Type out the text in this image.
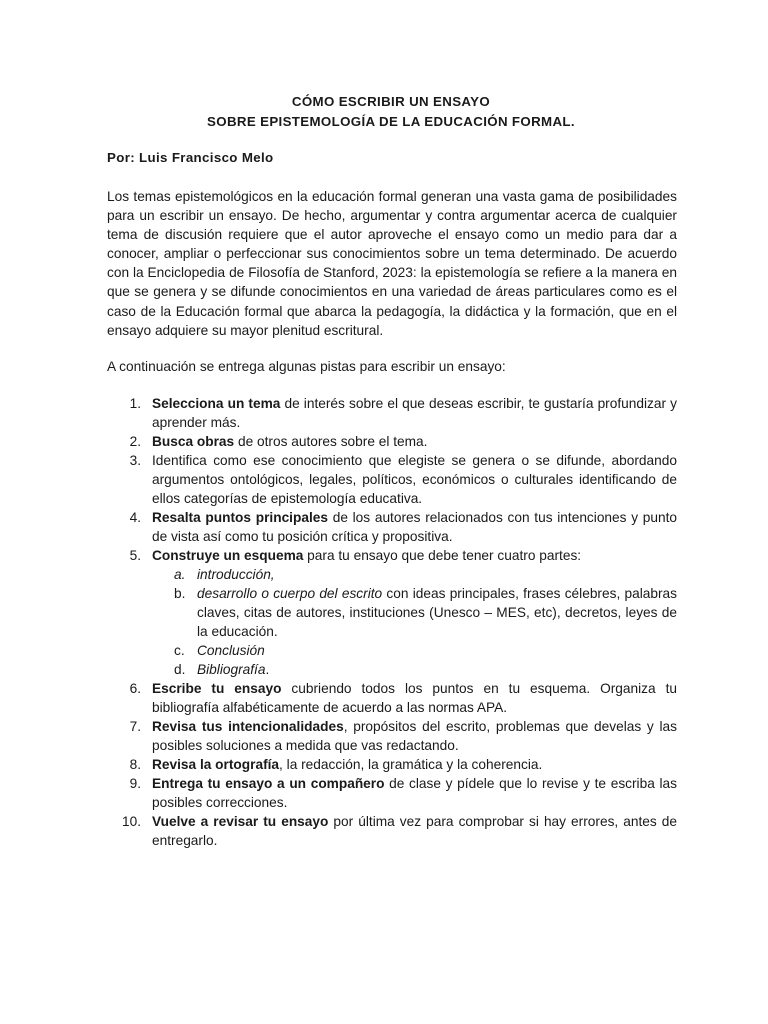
CÓMO ESCRIBIR UN ENSAYO
SOBRE EPISTEMOLOGÍA DE LA EDUCACIÓN FORMAL.
Por: Luis Francisco Melo

Los temas epistemológicos en la educación formal generan una vasta gama de posibilidades para un escribir un ensayo. De hecho, argumentar y contra argumentar acerca de cualquier tema de discusión requiere que el autor aproveche el ensayo como un medio para dar a conocer, ampliar o perfeccionar sus conocimientos sobre un tema determinado. De acuerdo con la Enciclopedia de Filosofía de Stanford, 2023: la epistemología se refiere a la manera en que se genera y se difunde conocimientos en una variedad de áreas particulares como es el caso de la Educación formal que abarca la pedagogía, la didáctica y la formación, que en el ensayo adquiere su mayor plenitud escritural.

A continuación se entrega algunas pistas para escribir un ensayo:

1. Selecciona un tema de interés sobre el que deseas escribir, te gustaría profundizar y aprender más.
2. Busca obras de otros autores sobre el tema.
3. Identifica como ese conocimiento que elegiste se genera o se difunde, abordando argumentos ontológicos, legales, políticos, económicos o culturales identificando de ellos categorías de epistemología educativa.
4. Resalta puntos principales de los autores relacionados con tus intenciones y punto de vista así como tu posición crítica y propositiva.
5. Construye un esquema para tu ensayo que debe tener cuatro partes:
a. introducción,
b. desarrollo o cuerpo del escrito con ideas principales, frases célebres, palabras claves, citas de autores, instituciones (Unesco – MES, etc), decretos, leyes de la educación.
c. Conclusión
d. Bibliografía.
6. Escribe tu ensayo cubriendo todos los puntos en tu esquema. Organiza tu bibliografía alfabéticamente de acuerdo a las normas APA.
7. Revisa tus intencionalidades, propósitos del escrito, problemas que develas y las posibles soluciones a medida que vas redactando.
8. Revisa la ortografía, la redacción, la gramática y la coherencia.
9. Entrega tu ensayo a un compañero de clase y pídele que lo revise y te escriba las posibles correcciones.
10. Vuelve a revisar tu ensayo por última vez para comprobar si hay errores, antes de entregarlo.
